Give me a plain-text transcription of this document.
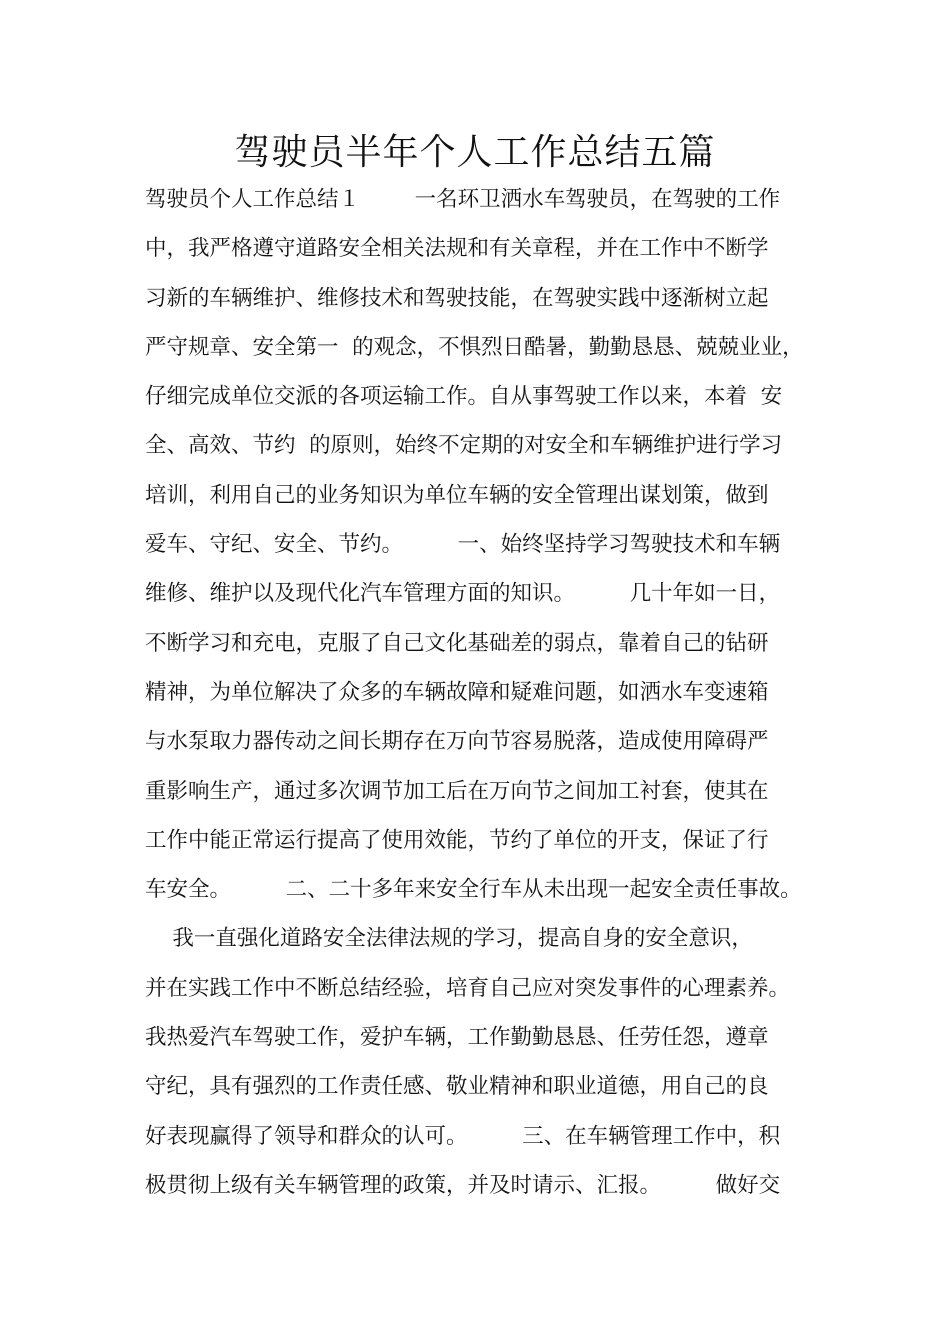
驾驶员半年个人工作总结五篇
驾驶员个人工作总结１        一名环卫洒水车驾驶员，在驾驶的工作
中，我严格遵守道路安全相关法规和有关章程，并在工作中不断学
习新的车辆维护、维修技术和驾驶技能，在驾驶实践中逐渐树立起
严守规章、安全第一  的观念，不惧烈日酷暑，勤勤恳恳、兢兢业业，
仔细完成单位交派的各项运输工作。自从事驾驶工作以来，本着  安
全、高效、节约  的原则，始终不定期的对安全和车辆维护进行学习
培训，利用自己的业务知识为单位车辆的安全管理出谋划策，做到
爱车、守纪、安全、节约。        一、始终坚持学习驾驶技术和车辆
维修、维护以及现代化汽车管理方面的知识。        几十年如一日，
不断学习和充电，克服了自己文化基础差的弱点，靠着自己的钻研
精神，为单位解决了众多的车辆故障和疑难问题，如洒水车变速箱
与水泵取力器传动之间长期存在万向节容易脱落，造成使用障碍严
重影响生产，通过多次调节加工后在万向节之间加工衬套，使其在
工作中能正常运行提高了使用效能，节约了单位的开支，保证了行
车安全。        二、二十多年来安全行车从未出现一起安全责任事故。
我一直强化道路安全法律法规的学习，提高自身的安全意识，
并在实践工作中不断总结经验，培育自己应对突发事件的心理素养。
我热爱汽车驾驶工作，爱护车辆，工作勤勤恳恳、任劳任怨，遵章
守纪，具有强烈的工作责任感、敬业精神和职业道德，用自己的良
好表现赢得了领导和群众的认可。        三、在车辆管理工作中，积
极贯彻上级有关车辆管理的政策，并及时请示、汇报。        做好交
